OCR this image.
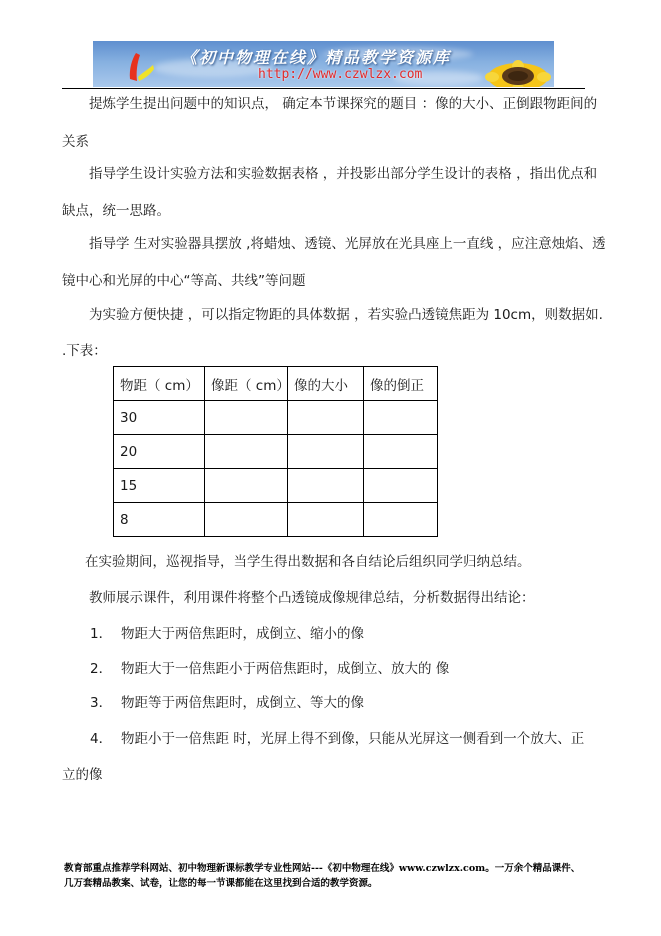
《初中物理在线》精品教学资源库
http://www.czwlzx.com

提炼学生提出问题中的知识点， 确定本节课探究的题目 ：像的大小、正倒跟物距间的

关系

指导学生设计实验方法和实验数据表格 ，并投影出部分学生设计的表格 ，指出优点和

缺点，统一思路。

指导学 生对实验器具摆放 ,将蜡烛、透镜、光屏放在光具座上一直线 ，应注意烛焰、透

镜中心和光屏的中心“等高、共线”等问题

为实验方便快捷 ，可以指定物距的具体数据 ，若实验凸透镜焦距为 10cm，则数据如.

.下表：

物距（ cm）	像距（ cm）	像的大小	像的倒正
30			
20			
15			
8			

在实验期间，巡视指导，当学生得出数据和各自结论后组织同学归纳总结。

教师展示课件，利用课件将整个凸透镜成像规律总结，分析数据得出结论：

1． 物距大于两倍焦距时，成倒立、缩小的像

2． 物距大于一倍焦距小于两倍焦距时，成倒立、放大的 像

3． 物距等于两倍焦距时，成倒立、等大的像

4． 物距小于一倍焦距 时，光屏上得不到像，只能从光屏这一侧看到一个放大、正

立的像

教育部重点推荐学科网站、初中物理新课标教学专业性网站---《初中物理在线》www.czwlzx.com。一万余个精品课件、
几万套精品教案、试卷，让您的每一节课都能在这里找到合适的教学资源。
